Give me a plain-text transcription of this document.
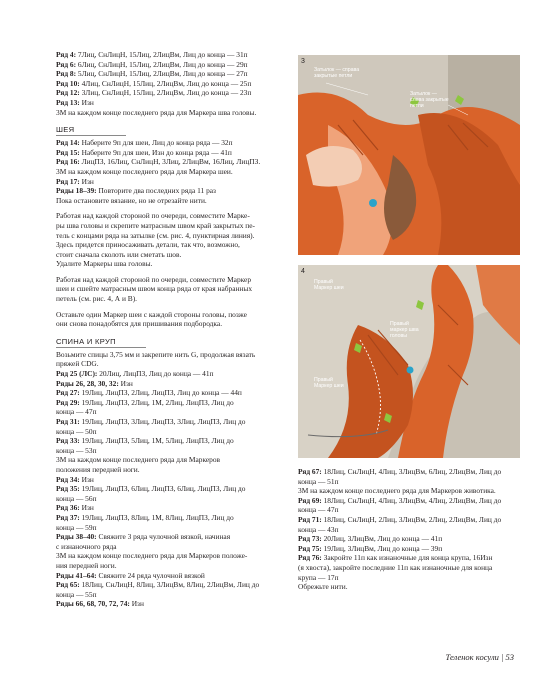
Ряд 4: 7Лиц, СнЛицН, 15Лиц, 2ЛицВм, Лиц до конца — 31п
Ряд 6: 6Лиц, СнЛицН, 15Лиц, 2ЛицВм, Лиц до конца — 29п
Ряд 8: 5Лиц, СнЛицН, 15Лиц, 2ЛицВм, Лиц до конца — 27п
Ряд 10: 4Лиц, СнЛицН, 15Лиц, 2ЛицВм, Лиц до конца — 25п
Ряд 12: 3Лиц, СнЛицН, 15Лиц, 2ЛицВм, Лиц до конца — 23п
Ряд 13: Изн
3М на каждом конце последнего ряда для Маркера шва головы.
ШЕЯ
Ряд 14: Наберите 9п для шеи, Лиц до конца ряда — 32п
Ряд 15: Наберите 9п для шеи, Изн до конца ряда — 41п
Ряд 16: ЛицПЗ, 16Лиц, СнЛицН, 3Лиц, 2ЛицВм, 16Лиц, ЛицПЗ.
3М на каждом конце последнего ряда для Маркера шеи.
Ряд 17: Изн
Ряды 18–39: Повторите два последних ряда 11 раз
Пока остановите вязание, но не отрезайте нити.
Работая над каждой стороной по очереди, совместите Марке-
ры шва головы и скрепите матрасным швом край закрытых пе-
тель с концами ряда на затылке (см. рис. 4, пунктирная линия).
Здесь придется приносаживать детали, так что, возможно,
стоит сначала сколоть или сметать шов.
Удалите Маркеры шва головы.
Работая над каждой стороной по очереди, совместите Маркер
шеи и сшейте матрасным швом конца ряда от края набранных
петель (см. рис. 4, А и В).
Оставьте один Маркер шеи с каждой стороны головы, позже
они снова понадобятся для пришивания подбородка.
СПИНА И КРУП
Возьмите спицы 3,75 мм и закрепите нить G, продолжая вязать
пряжей CDG.
Ряд 25 (ЛС): 20Лиц, ЛицПЗ, Лиц до конца — 41п
Ряды 26, 28, 30, 32: Изн
Ряд 27: 19Лиц, ЛицПЗ, 2Лиц, ЛицПЗ, Лиц до конца — 44п
Ряд 29: 19Лиц, ЛицПЗ, 2Лиц, 1М, 2Лиц, ЛицПЗ, Лиц до
конца — 47п
Ряд 31: 19Лиц, ЛицПЗ, 3Лиц, ЛицПЗ, 3Лиц, ЛицПЗ, Лиц до
конца — 50п
Ряд 33: 19Лиц, ЛицПЗ, 5Лиц, 1М, 5Лиц, ЛицПЗ, Лиц до
конца — 53п
3М на каждом конце последнего ряда для Маркеров
положения передней ноги.
Ряд 34: Изн
Ряд 35: 19Лиц, ЛицПЗ, 6Лиц, ЛицПЗ, 6Лиц, ЛицПЗ, Лиц до
конца — 56п
Ряд 36: Изн
Ряд 37: 19Лиц, ЛицПЗ, 8Лиц, 1М, 8Лиц, ЛицПЗ, Лиц до
конца — 59п
Ряды 38–40: Свяжите 3 ряда чулочной вязкой, начиная
с изнаночного ряда
3М на каждом конце последнего ряда для Маркеров положе-
ния передней ноги.
Ряды 41–64: Свяжите 24 ряда чулочной вязкой
Ряд 65: 18Лиц, СнЛицН, 8Лиц, 3ЛицВм, 8Лиц, 2ЛицВм, Лиц до
конца — 55п
Ряды 66, 68, 70, 72, 74: Изн
3
Затылок — справа
закрытые петли
Затылок —
слева закрытые
петли
4
Правый
Маркер шеи
Правый
маркер шва
головы
Правый
Маркер шеи
Ряд 67: 18Лиц, СнЛицН, 4Лиц, 3ЛицВм, 6Лиц, 2ЛицВм, Лиц до
конца — 51п
3М на каждом конце последнего ряда для Маркеров животика.
Ряд 69: 18Лиц, СнЛицН, 4Лиц, 3ЛицВм, 4Лиц, 2ЛицВм, Лиц до
конца — 47п
Ряд 71: 18Лиц, СнЛицН, 2Лиц, 3ЛицВм, 2Лиц, 2ЛицВм, Лиц до
конца — 43п
Ряд 73: 20Лиц, 3ЛицВм, Лиц до конца — 41п
Ряд 75: 19Лиц, 3ЛицВм, Лиц до конца — 39п
Ряд 76: Закройте 11п как изнаночные для конца крупа, 16Изн
(я хвоста), закройте последние 11п как изнаночные для конца
крупа — 17п
Обрежьте нити.
Теленок косули | 53
